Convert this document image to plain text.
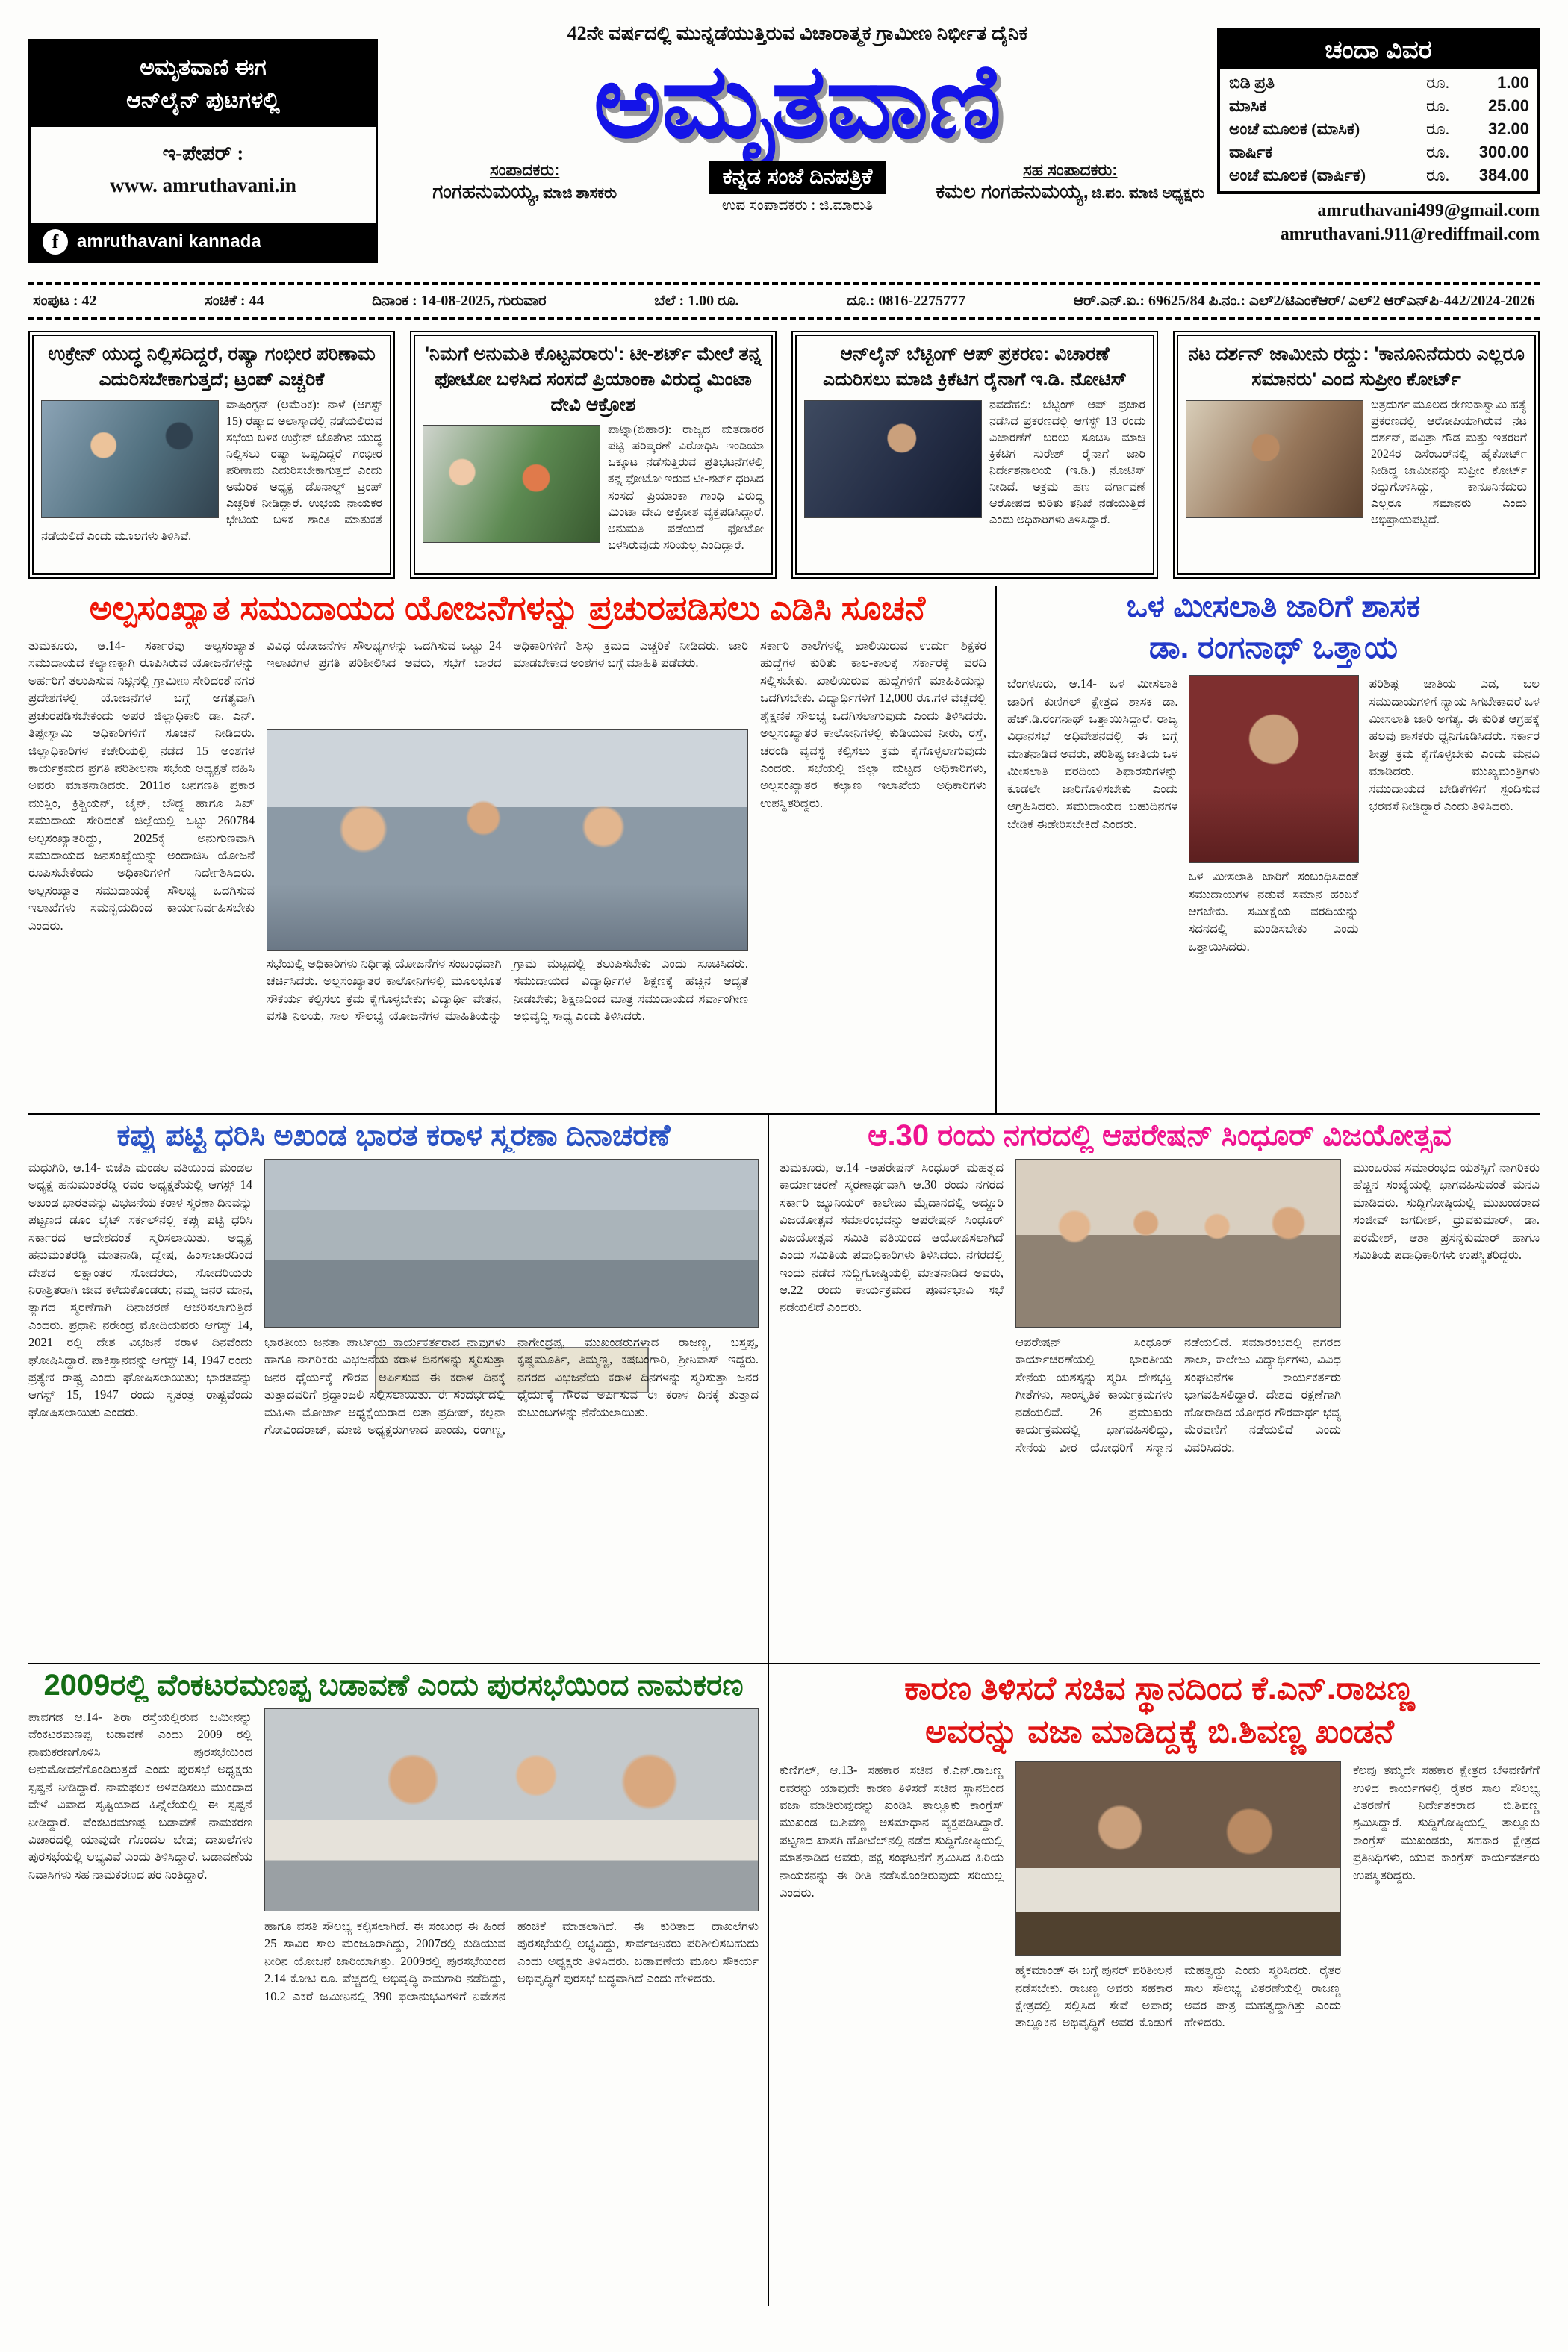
ಅಮೃತವಾಣಿ ಈಗ
ಆನ್‌ಲೈನ್ ಪುಟಗಳಲ್ಲಿ
ಇ-ಪೇಪರ್ :
www. amruthavani.in
f	amruthavani kannada
42ನೇ ವರ್ಷದಲ್ಲಿ ಮುನ್ನಡೆಯುತ್ತಿರುವ ವಿಚಾರಾತ್ಮಕ ಗ್ರಾಮೀಣ ನಿರ್ಭೀತ ದೈನಿಕ
ಅಮೃತವಾಣಿ
ಸಂಪಾದಕರು:
ಗಂಗಹನುಮಯ್ಯ, ಮಾಜಿ ಶಾಸಕರು
ಕನ್ನಡ ಸಂಜೆ ದಿನಪತ್ರಿಕೆ
ಉಪ ಸಂಪಾದಕರು : ಜಿ.ಮಾರುತಿ
ಸಹ ಸಂಪಾದಕರು:
ಕಮಲ ಗಂಗಹನುಮಯ್ಯ, ಜಿ.ಪಂ. ಮಾಜಿ ಅಧ್ಯಕ್ಷರು
ಚಂದಾ ವಿವರ
ಬಿಡಿ ಪ್ರತಿ	ರೂ.	1.00
ಮಾಸಿಕ	ರೂ.	25.00
ಅಂಚೆ ಮೂಲಕ (ಮಾಸಿಕ)	ರೂ.	32.00
ವಾರ್ಷಿಕ	ರೂ.	300.00
ಅಂಚೆ ಮೂಲಕ (ವಾರ್ಷಿಕ)	ರೂ.	384.00
amruthavani499@gmail.com
amruthavani.911@rediffmail.com
ಸಂಪುಟ : 42	ಸಂಚಿಕೆ : 44	ದಿನಾಂಕ : 14-08-2025, ಗುರುವಾರ	ಬೆಲೆ : 1.00 ರೂ.	ದೂ.: 0816-2275777	ಆರ್.ಎನ್.ಐ.: 69625/84 ಪಿ.ನಂ.: ಎಲ್2/ಟಿಎಂಕೆಆರ್/ ಎಲ್2 ಆರ್‌ಎನ್‌ಪಿ-442/2024-2026
ಉಕ್ರೇನ್ ಯುದ್ಧ ನಿಲ್ಲಿಸದಿದ್ದರೆ, ರಷ್ಯಾ ಗಂಭೀರ ಪರಿಣಾಮ ಎದುರಿಸಬೇಕಾಗುತ್ತದೆ; ಟ್ರಂಪ್ ಎಚ್ಚರಿಕೆ
ವಾಷಿಂಗ್ಟನ್ (ಅಮೆರಿಕ): ನಾಳೆ (ಆಗಸ್ಟ್ 15) ರಷ್ಯಾದ ಅಲಾಸ್ಕಾದಲ್ಲಿ ನಡೆಯಲಿರುವ ಸಭೆಯ ಬಳಿಕ ಉಕ್ರೇನ್ ಜೊತೆಗಿನ ಯುದ್ಧ ನಿಲ್ಲಿಸಲು ರಷ್ಯಾ ಒಪ್ಪದಿದ್ದರೆ ಗಂಭೀರ ಪರಿಣಾಮ ಎದುರಿಸಬೇಕಾಗುತ್ತದೆ ಎಂದು ಅಮೆರಿಕ ಅಧ್ಯಕ್ಷ ಡೊನಾಲ್ಡ್ ಟ್ರಂಪ್ ಎಚ್ಚರಿಕೆ ನೀಡಿದ್ದಾರೆ. ಉಭಯ ನಾಯಕರ ಭೇಟಿಯ ಬಳಿಕ ಶಾಂತಿ ಮಾತುಕತೆ ನಡೆಯಲಿದೆ ಎಂದು ಮೂಲಗಳು ತಿಳಿಸಿವೆ.
'ನಿಮಗೆ ಅನುಮತಿ ಕೊಟ್ಟವರಾರು': ಟೀ-ಶರ್ಟ್ ಮೇಲೆ ತನ್ನ ಫೋಟೋ ಬಳಸಿದ ಸಂಸದೆ ಪ್ರಿಯಾಂಕಾ ವಿರುದ್ಧ ಮಿಂಟಾ ದೇವಿ ಆಕ್ರೋಶ
ಪಾಟ್ನಾ(ಬಿಹಾರ): ರಾಜ್ಯದ ಮತದಾರರ ಪಟ್ಟಿ ಪರಿಷ್ಕರಣೆ ವಿರೋಧಿಸಿ ಇಂಡಿಯಾ ಒಕ್ಕೂಟ ನಡೆಸುತ್ತಿರುವ ಪ್ರತಿಭಟನೆಗಳಲ್ಲಿ ತನ್ನ ಫೋಟೋ ಇರುವ ಟೀ-ಶರ್ಟ್ ಧರಿಸಿದ ಸಂಸದೆ ಪ್ರಿಯಾಂಕಾ ಗಾಂಧಿ ವಿರುದ್ಧ ಮಿಂಟಾ ದೇವಿ ಆಕ್ರೋಶ ವ್ಯಕ್ತಪಡಿಸಿದ್ದಾರೆ. ಅನುಮತಿ ಪಡೆಯದೆ ಫೋಟೋ ಬಳಸಿರುವುದು ಸರಿಯಲ್ಲ ಎಂದಿದ್ದಾರೆ.
ಆನ್‌ಲೈನ್ ಬೆಟ್ಟಿಂಗ್ ಆಪ್ ಪ್ರಕರಣ: ವಿಚಾರಣೆ ಎದುರಿಸಲು ಮಾಜಿ ಕ್ರಿಕೆಟಿಗ ರೈನಾಗೆ ಇ.ಡಿ. ನೋಟಿಸ್
ನವದೆಹಲಿ: ಬೆಟ್ಟಿಂಗ್ ಆಪ್ ಪ್ರಚಾರ ನಡೆಸಿದ ಪ್ರಕರಣದಲ್ಲಿ ಆಗಸ್ಟ್ 13 ರಂದು ವಿಚಾರಣೆಗೆ ಬರಲು ಸೂಚಿಸಿ ಮಾಜಿ ಕ್ರಿಕೆಟಿಗ ಸುರೇಶ್ ರೈನಾಗೆ ಜಾರಿ ನಿರ್ದೇಶನಾಲಯ (ಇ.ಡಿ.) ನೋಟಿಸ್ ನೀಡಿದೆ. ಅಕ್ರಮ ಹಣ ವರ್ಗಾವಣೆ ಆರೋಪದ ಕುರಿತು ತನಿಖೆ ನಡೆಯುತ್ತಿದೆ ಎಂದು ಅಧಿಕಾರಿಗಳು ತಿಳಿಸಿದ್ದಾರೆ.
ನಟ ದರ್ಶನ್ ಜಾಮೀನು ರದ್ದು: 'ಕಾನೂನಿನೆದುರು ಎಲ್ಲರೂ ಸಮಾನರು' ಎಂದ ಸುಪ್ರೀಂ ಕೋರ್ಟ್
ಚಿತ್ರದುರ್ಗ ಮೂಲದ ರೇಣುಕಾಸ್ವಾಮಿ ಹತ್ಯೆ ಪ್ರಕರಣದಲ್ಲಿ ಆರೋಪಿಯಾಗಿರುವ ನಟ ದರ್ಶನ್, ಪವಿತ್ರಾ ಗೌಡ ಮತ್ತು ಇತರರಿಗೆ 2024ರ ಡಿಸೆಂಬರ್‌ನಲ್ಲಿ ಹೈಕೋರ್ಟ್ ನೀಡಿದ್ದ ಜಾಮೀನನ್ನು ಸುಪ್ರೀಂ ಕೋರ್ಟ್ ರದ್ದುಗೊಳಿಸಿದ್ದು, ಕಾನೂನಿನೆದುರು ಎಲ್ಲರೂ ಸಮಾನರು ಎಂದು ಅಭಿಪ್ರಾಯಪಟ್ಟಿದೆ.
ಅಲ್ಪಸಂಖ್ಯಾತ ಸಮುದಾಯದ ಯೋಜನೆಗಳನ್ನು ಪ್ರಚುರಪಡಿಸಲು ಎಡಿಸಿ ಸೂಚನೆ
ತುಮಕೂರು, ಆ.14- ಸರ್ಕಾರವು ಅಲ್ಪಸಂಖ್ಯಾತ ಸಮುದಾಯದ ಕಲ್ಯಾಣಕ್ಕಾಗಿ ರೂಪಿಸಿರುವ ಯೋಜನೆಗಳನ್ನು ಅರ್ಹರಿಗೆ ತಲುಪಿಸುವ ನಿಟ್ಟಿನಲ್ಲಿ ಗ್ರಾಮೀಣ ಸೇರಿದಂತೆ ನಗರ ಪ್ರದೇಶಗಳಲ್ಲಿ ಯೋಜನೆಗಳ ಬಗ್ಗೆ ಅಗತ್ಯವಾಗಿ ಪ್ರಚುರಪಡಿಸಬೇಕೆಂದು ಅಪರ ಜಿಲ್ಲಾಧಿಕಾರಿ ಡಾ. ಎನ್. ತಿಪ್ಪೇಸ್ವಾಮಿ ಅಧಿಕಾರಿಗಳಿಗೆ ಸೂಚನೆ ನೀಡಿದರು. ಜಿಲ್ಲಾಧಿಕಾರಿಗಳ ಕಚೇರಿಯಲ್ಲಿ ನಡೆದ 15 ಅಂಶಗಳ ಕಾರ್ಯಕ್ರಮದ ಪ್ರಗತಿ ಪರಿಶೀಲನಾ ಸಭೆಯ ಅಧ್ಯಕ್ಷತೆ ವಹಿಸಿ ಅವರು ಮಾತನಾಡಿದರು. 2011ರ ಜನಗಣತಿ ಪ್ರಕಾರ ಮುಸ್ಲಿಂ, ಕ್ರಿಶ್ಚಿಯನ್, ಜೈನ್, ಬೌದ್ಧ ಹಾಗೂ ಸಿಖ್ ಸಮುದಾಯ ಸೇರಿದಂತೆ ಜಿಲ್ಲೆಯಲ್ಲಿ ಒಟ್ಟು 260784 ಅಲ್ಪಸಂಖ್ಯಾತರಿದ್ದು, 2025ಕ್ಕೆ ಅನುಗುಣವಾಗಿ ಸಮುದಾಯದ ಜನಸಂಖ್ಯೆಯನ್ನು ಅಂದಾಜಿಸಿ ಯೋಜನೆ ರೂಪಿಸಬೇಕೆಂದು ಅಧಿಕಾರಿಗಳಿಗೆ ನಿರ್ದೇಶಿಸಿದರು. ಅಲ್ಪಸಂಖ್ಯಾತ ಸಮುದಾಯಕ್ಕೆ ಸೌಲಭ್ಯ ಒದಗಿಸುವ ಇಲಾಖೆಗಳು ಸಮನ್ವಯದಿಂದ ಕಾರ್ಯನಿರ್ವಹಿಸಬೇಕು ಎಂದರು.
ವಿವಿಧ ಯೋಜನೆಗಳ ಸೌಲಭ್ಯಗಳನ್ನು ಒದಗಿಸುವ ಒಟ್ಟು 24 ಇಲಾಖೆಗಳ ಪ್ರಗತಿ ಪರಿಶೀಲಿಸಿದ ಅವರು, ಸಭೆಗೆ ಬಾರದ ಅಧಿಕಾರಿಗಳಿಗೆ ಶಿಸ್ತು ಕ್ರಮದ ಎಚ್ಚರಿಕೆ ನೀಡಿದರು. ಜಾರಿ ಮಾಡಬೇಕಾದ ಅಂಶಗಳ ಬಗ್ಗೆ ಮಾಹಿತಿ ಪಡೆದರು.
ಸಭೆಯಲ್ಲಿ ಅಧಿಕಾರಿಗಳು ನಿರ್ಧಿಷ್ಟ ಯೋಜನೆಗಳ ಸಂಬಂಧವಾಗಿ ಚರ್ಚಿಸಿದರು. ಅಲ್ಪಸಂಖ್ಯಾತರ ಕಾಲೋನಿಗಳಲ್ಲಿ ಮೂಲಭೂತ ಸೌಕರ್ಯ ಕಲ್ಪಿಸಲು ಕ್ರಮ ಕೈಗೊಳ್ಳಬೇಕು; ವಿದ್ಯಾರ್ಥಿ ವೇತನ, ವಸತಿ ನಿಲಯ, ಸಾಲ ಸೌಲಭ್ಯ ಯೋಜನೆಗಳ ಮಾಹಿತಿಯನ್ನು ಗ್ರಾಮ ಮಟ್ಟದಲ್ಲಿ ತಲುಪಿಸಬೇಕು ಎಂದು ಸೂಚಿಸಿದರು. ಸಮುದಾಯದ ವಿದ್ಯಾರ್ಥಿಗಳ ಶಿಕ್ಷಣಕ್ಕೆ ಹೆಚ್ಚಿನ ಆದ್ಯತೆ ನೀಡಬೇಕು; ಶಿಕ್ಷಣದಿಂದ ಮಾತ್ರ ಸಮುದಾಯದ ಸರ್ವಾಂಗೀಣ ಅಭಿವೃದ್ಧಿ ಸಾಧ್ಯ ಎಂದು ತಿಳಿಸಿದರು.
ಸರ್ಕಾರಿ ಶಾಲೆಗಳಲ್ಲಿ ಖಾಲಿಯಿರುವ ಉರ್ದು ಶಿಕ್ಷಕರ ಹುದ್ದೆಗಳ ಕುರಿತು ಕಾಲ-ಕಾಲಕ್ಕೆ ಸರ್ಕಾರಕ್ಕೆ ವರದಿ ಸಲ್ಲಿಸಬೇಕು. ಖಾಲಿಯಿರುವ ಹುದ್ದೆಗಳಿಗೆ ಮಾಹಿತಿಯನ್ನು ಒದಗಿಸಬೇಕು. ವಿದ್ಯಾರ್ಥಿಗಳಿಗೆ 12,000 ರೂ.ಗಳ ವೆಚ್ಚದಲ್ಲಿ ಶೈಕ್ಷಣಿಕ ಸೌಲಭ್ಯ ಒದಗಿಸಲಾಗುವುದು ಎಂದು ತಿಳಿಸಿದರು. ಅಲ್ಪಸಂಖ್ಯಾತರ ಕಾಲೋನಿಗಳಲ್ಲಿ ಕುಡಿಯುವ ನೀರು, ರಸ್ತೆ, ಚರಂಡಿ ವ್ಯವಸ್ಥೆ ಕಲ್ಪಿಸಲು ಕ್ರಮ ಕೈಗೊಳ್ಳಲಾಗುವುದು ಎಂದರು. ಸಭೆಯಲ್ಲಿ ಜಿಲ್ಲಾ ಮಟ್ಟದ ಅಧಿಕಾರಿಗಳು, ಅಲ್ಪಸಂಖ್ಯಾತರ ಕಲ್ಯಾಣ ಇಲಾಖೆಯ ಅಧಿಕಾರಿಗಳು ಉಪಸ್ಥಿತರಿದ್ದರು.
ಒಳ ಮೀಸಲಾತಿ ಜಾರಿಗೆ ಶಾಸಕ
ಡಾ. ರಂಗನಾಥ್ ಒತ್ತಾಯ
ಬೆಂಗಳೂರು, ಆ.14- ಒಳ ಮೀಸಲಾತಿ ಜಾರಿಗೆ ಕುಣಿಗಲ್ ಕ್ಷೇತ್ರದ ಶಾಸಕ ಡಾ. ಹೆಚ್.ಡಿ.ರಂಗನಾಥ್ ಒತ್ತಾಯಿಸಿದ್ದಾರೆ. ರಾಜ್ಯ ವಿಧಾನಸಭೆ ಅಧಿವೇಶನದಲ್ಲಿ ಈ ಬಗ್ಗೆ ಮಾತನಾಡಿದ ಅವರು, ಪರಿಶಿಷ್ಟ ಜಾತಿಯ ಒಳ ಮೀಸಲಾತಿ ವರದಿಯ ಶಿಫಾರಸುಗಳನ್ನು ಕೂಡಲೇ ಜಾರಿಗೊಳಿಸಬೇಕು ಎಂದು ಆಗ್ರಹಿಸಿದರು. ಸಮುದಾಯದ ಬಹುದಿನಗಳ ಬೇಡಿಕೆ ಈಡೇರಿಸಬೇಕಿದೆ ಎಂದರು.
ಒಳ ಮೀಸಲಾತಿ ಜಾರಿಗೆ ಸಂಬಂಧಿಸಿದಂತೆ ಸಮುದಾಯಗಳ ನಡುವೆ ಸಮಾನ ಹಂಚಿಕೆ ಆಗಬೇಕು. ಸಮೀಕ್ಷೆಯ ವರದಿಯನ್ನು ಸದನದಲ್ಲಿ ಮಂಡಿಸಬೇಕು ಎಂದು ಒತ್ತಾಯಿಸಿದರು.
ಪರಿಶಿಷ್ಟ ಜಾತಿಯ ಎಡ, ಬಲ ಸಮುದಾಯಗಳಿಗೆ ನ್ಯಾಯ ಸಿಗಬೇಕಾದರೆ ಒಳ ಮೀಸಲಾತಿ ಜಾರಿ ಅಗತ್ಯ. ಈ ಕುರಿತ ಆಗ್ರಹಕ್ಕೆ ಹಲವು ಶಾಸಕರು ಧ್ವನಿಗೂಡಿಸಿದರು. ಸರ್ಕಾರ ಶೀಘ್ರ ಕ್ರಮ ಕೈಗೊಳ್ಳಬೇಕು ಎಂದು ಮನವಿ ಮಾಡಿದರು. ಮುಖ್ಯಮಂತ್ರಿಗಳು ಸಮುದಾಯದ ಬೇಡಿಕೆಗಳಿಗೆ ಸ್ಪಂದಿಸುವ ಭರವಸೆ ನೀಡಿದ್ದಾರೆ ಎಂದು ತಿಳಿಸಿದರು.
ಕಪ್ಪು ಪಟ್ಟಿ ಧರಿಸಿ ಅಖಂಡ ಭಾರತ ಕರಾಳ ಸ್ಮರಣಾ ದಿನಾಚರಣೆ
ಮಧುಗಿರಿ, ಆ.14- ಬಿಜೆಪಿ ಮಂಡಲ ವತಿಯಿಂದ ಮಂಡಲ ಅಧ್ಯಕ್ಷ ಹನುಮಂತರೆಡ್ಡಿ ರವರ ಅಧ್ಯಕ್ಷತೆಯಲ್ಲಿ ಆಗಸ್ಟ್ 14 ಅಖಂಡ ಭಾರತವನ್ನು ವಿಭಜನೆಯ ಕರಾಳ ಸ್ಮರಣಾ ದಿನವನ್ನು ಪಟ್ಟಣದ ಡೂಂ ಲೈಟ್ ಸರ್ಕಲ್‌ನಲ್ಲಿ ಕಪ್ಪು ಪಟ್ಟಿ ಧರಿಸಿ ಸರ್ಕಾರದ ಆದೇಶದಂತೆ ಸ್ಮರಿಸಲಾಯಿತು. ಅಧ್ಯಕ್ಷ ಹನುಮಂತರೆಡ್ಡಿ ಮಾತನಾಡಿ, ದ್ವೇಷ, ಹಿಂಸಾಚಾರದಿಂದ ದೇಶದ ಲಕ್ಷಾಂತರ ಸೋದರರು, ಸೋದರಿಯರು ನಿರಾಶ್ರಿತರಾಗಿ ಜೀವ ಕಳೆದುಕೊಂಡರು; ನಮ್ಮ ಜನರ ಮಾನ, ತ್ಯಾಗದ ಸ್ಮರಣೆಗಾಗಿ ದಿನಾಚರಣೆ ಆಚರಿಸಲಾಗುತ್ತಿದೆ ಎಂದರು. ಪ್ರಧಾನಿ ನರೇಂದ್ರ ಮೋದಿಯವರು ಆಗಸ್ಟ್ 14, 2021 ರಲ್ಲಿ ದೇಶ ವಿಭಜನೆ ಕರಾಳ ದಿನವೆಂದು ಘೋಷಿಸಿದ್ದಾರೆ. ಪಾಕಿಸ್ತಾನವನ್ನು ಆಗಸ್ಟ್ 14, 1947 ರಂದು ಪ್ರತ್ಯೇಕ ರಾಷ್ಟ್ರ ಎಂದು ಘೋಷಿಸಲಾಯಿತು; ಭಾರತವನ್ನು ಆಗಸ್ಟ್ 15, 1947 ರಂದು ಸ್ವತಂತ್ರ ರಾಷ್ಟ್ರವೆಂದು ಘೋಷಿಸಲಾಯಿತು ಎಂದರು.
ಭಾರತೀಯ ಜನತಾ ಪಾರ್ಟಿಯ ಕಾರ್ಯಕರ್ತರಾದ ನಾವುಗಳು ಹಾಗೂ ನಾಗರಿಕರು ವಿಭಜನೆಯ ಕರಾಳ ದಿನಗಳನ್ನು ಸ್ಮರಿಸುತ್ತಾ ಜನರ ಧೈರ್ಯಕ್ಕೆ ಗೌರವ ಅರ್ಪಿಸುವ ಈ ಕರಾಳ ದಿನಕ್ಕೆ ತುತ್ತಾದವರಿಗೆ ಶ್ರದ್ಧಾಂಜಲಿ ಸಲ್ಲಿಸಲಾಯಿತು. ಈ ಸಂದರ್ಭದಲ್ಲಿ ಮಹಿಳಾ ಮೋರ್ಚಾ ಅಧ್ಯಕ್ಷೆಯರಾದ ಲತಾ ಪ್ರದೀಪ್, ಕಲ್ಪನಾ ಗೋವಿಂದರಾಜ್, ಮಾಜಿ ಅಧ್ಯಕ್ಷರುಗಳಾದ ಪಾಂಡು, ರಂಗಣ್ಣ, ನಾಗೇಂದ್ರಪ್ಪ, ಮುಖಂಡರುಗಳಾದ ರಾಜಣ್ಣ, ಬಸ್ತಪ್ಪ, ಕೃಷ್ಣಮೂರ್ತಿ, ತಿಮ್ಮಣ್ಣ, ಕಷಬಂಗಾರಿ, ಶ್ರೀನಿವಾಸ್ ಇದ್ದರು. ನಗರದ ವಿಭಜನೆಯ ಕರಾಳ ದಿನಗಳನ್ನು ಸ್ಮರಿಸುತ್ತಾ ಜನರ ಧೈರ್ಯಕ್ಕೆ ಗೌರವ ಅರ್ಪಿಸುವ ಈ ಕರಾಳ ದಿನಕ್ಕೆ ತುತ್ತಾದ ಕುಟುಂಬಗಳನ್ನು ನೆನೆಯಲಾಯಿತು.
ಆ.30 ರಂದು ನಗರದಲ್ಲಿ ಆಪರೇಷನ್ ಸಿಂಧೂರ್ ವಿಜಯೋತ್ಸವ
ತುಮಕೂರು, ಆ.14 -ಆಪರೇಷನ್ ಸಿಂಧೂರ್ ಮಹತ್ವದ ಕಾರ್ಯಾಚರಣೆ ಸ್ಮರಣಾರ್ಥವಾಗಿ ಆ.30 ರಂದು ನಗರದ ಸರ್ಕಾರಿ ಜ್ಯೂನಿಯರ್ ಕಾಲೇಜು ಮೈದಾನದಲ್ಲಿ ಅದ್ದೂರಿ ವಿಜಯೋತ್ಸವ ಸಮಾರಂಭವನ್ನು ಆಪರೇಷನ್ ಸಿಂಧೂರ್ ವಿಜಯೋತ್ಸವ ಸಮಿತಿ ವತಿಯಿಂದ ಆಯೋಜಿಸಲಾಗಿದೆ ಎಂದು ಸಮಿತಿಯ ಪದಾಧಿಕಾರಿಗಳು ತಿಳಿಸಿದರು. ನಗರದಲ್ಲಿ ಇಂದು ನಡೆದ ಸುದ್ದಿಗೋಷ್ಠಿಯಲ್ಲಿ ಮಾತನಾಡಿದ ಅವರು, ಆ.22 ರಂದು ಕಾರ್ಯಕ್ರಮದ ಪೂರ್ವಭಾವಿ ಸಭೆ ನಡೆಯಲಿದೆ ಎಂದರು.
ಆಪರೇಷನ್ ಸಿಂಧೂರ್ ಕಾರ್ಯಾಚರಣೆಯಲ್ಲಿ ಭಾರತೀಯ ಸೇನೆಯ ಯಶಸ್ಸನ್ನು ಸ್ಮರಿಸಿ ದೇಶಭಕ್ತಿ ಗೀತೆಗಳು, ಸಾಂಸ್ಕೃತಿಕ ಕಾರ್ಯಕ್ರಮಗಳು ನಡೆಯಲಿವೆ. 26 ಪ್ರಮುಖರು ಕಾರ್ಯಕ್ರಮದಲ್ಲಿ ಭಾಗವಹಿಸಲಿದ್ದು, ಸೇನೆಯ ವೀರ ಯೋಧರಿಗೆ ಸನ್ಮಾನ ನಡೆಯಲಿದೆ. ಸಮಾರಂಭದಲ್ಲಿ ನಗರದ ಶಾಲಾ, ಕಾಲೇಜು ವಿದ್ಯಾರ್ಥಿಗಳು, ವಿವಿಧ ಸಂಘಟನೆಗಳ ಕಾರ್ಯಕರ್ತರು ಭಾಗವಹಿಸಲಿದ್ದಾರೆ. ದೇಶದ ರಕ್ಷಣೆಗಾಗಿ ಹೋರಾಡಿದ ಯೋಧರ ಗೌರವಾರ್ಥ ಭವ್ಯ ಮೆರವಣಿಗೆ ನಡೆಯಲಿದೆ ಎಂದು ವಿವರಿಸಿದರು.
ಮುಂಬರುವ ಸಮಾರಂಭದ ಯಶಸ್ಸಿಗೆ ನಾಗರಿಕರು ಹೆಚ್ಚಿನ ಸಂಖ್ಯೆಯಲ್ಲಿ ಭಾಗವಹಿಸುವಂತೆ ಮನವಿ ಮಾಡಿದರು. ಸುದ್ದಿಗೋಷ್ಠಿಯಲ್ಲಿ ಮುಖಂಡರಾದ ಸಂಜೀವ್ ಜಗದೀಶ್, ಧ್ರುವಕುಮಾರ್, ಡಾ. ಪರಮೇಶ್, ಆಶಾ ಪ್ರಸನ್ನಕುಮಾರ್ ಹಾಗೂ ಸಮಿತಿಯ ಪದಾಧಿಕಾರಿಗಳು ಉಪಸ್ಥಿತರಿದ್ದರು.
2009ರಲ್ಲಿ ವೆಂಕಟರಮಣಪ್ಪ ಬಡಾವಣೆ ಎಂದು ಪುರಸಭೆಯಿಂದ ನಾಮಕರಣ
ಪಾವಗಡ ಆ.14- ಶಿರಾ ರಸ್ತೆಯಲ್ಲಿರುವ ಜಮೀನನ್ನು ವೆಂಕಟರಮಣಪ್ಪ ಬಡಾವಣೆ ಎಂದು 2009 ರಲ್ಲಿ ನಾಮಕರಣಗೊಳಿಸಿ ಪುರಸಭೆಯಿಂದ ಅನುಮೋದನೆಗೊಂಡಿರುತ್ತದೆ ಎಂದು ಪುರಸಭೆ ಅಧ್ಯಕ್ಷರು ಸ್ಪಷ್ಟನೆ ನೀಡಿದ್ದಾರೆ. ನಾಮಫಲಕ ಅಳವಡಿಸಲು ಮುಂದಾದ ವೇಳೆ ವಿವಾದ ಸೃಷ್ಟಿಯಾದ ಹಿನ್ನೆಲೆಯಲ್ಲಿ ಈ ಸ್ಪಷ್ಟನೆ ನೀಡಿದ್ದಾರೆ. ವೆಂಕಟರಮಣಪ್ಪ ಬಡಾವಣೆ ನಾಮಕರಣ ವಿಚಾರದಲ್ಲಿ ಯಾವುದೇ ಗೊಂದಲ ಬೇಡ; ದಾಖಲೆಗಳು ಪುರಸಭೆಯಲ್ಲಿ ಲಭ್ಯವಿವೆ ಎಂದು ತಿಳಿಸಿದ್ದಾರೆ. ಬಡಾವಣೆಯ ನಿವಾಸಿಗಳು ಸಹ ನಾಮಕರಣದ ಪರ ನಿಂತಿದ್ದಾರೆ.
ಹಾಗೂ ವಸತಿ ಸೌಲಭ್ಯ ಕಲ್ಪಿಸಲಾಗಿದೆ. ಈ ಸಂಬಂಧ ಈ ಹಿಂದೆ 25 ಸಾವಿರ ಸಾಲ ಮಂಜೂರಾಗಿದ್ದು, 2007ರಲ್ಲಿ ಕುಡಿಯುವ ನೀರಿನ ಯೋಜನೆ ಜಾರಿಯಾಗಿತ್ತು. 2009ರಲ್ಲಿ ಪುರಸಭೆಯಿಂದ 2.14 ಕೋಟಿ ರೂ. ವೆಚ್ಚದಲ್ಲಿ ಅಭಿವೃದ್ಧಿ ಕಾಮಗಾರಿ ನಡೆದಿದ್ದು, 10.2 ಎಕರೆ ಜಮೀನಿನಲ್ಲಿ 390 ಫಲಾನುಭವಿಗಳಿಗೆ ನಿವೇಶನ ಹಂಚಿಕೆ ಮಾಡಲಾಗಿದೆ. ಈ ಕುರಿತಾದ ದಾಖಲೆಗಳು ಪುರಸಭೆಯಲ್ಲಿ ಲಭ್ಯವಿದ್ದು, ಸಾರ್ವಜನಿಕರು ಪರಿಶೀಲಿಸಬಹುದು ಎಂದು ಅಧ್ಯಕ್ಷರು ತಿಳಿಸಿದರು. ಬಡಾವಣೆಯ ಮೂಲ ಸೌಕರ್ಯ ಅಭಿವೃದ್ಧಿಗೆ ಪುರಸಭೆ ಬದ್ಧವಾಗಿದೆ ಎಂದು ಹೇಳಿದರು.
ಕಾರಣ ತಿಳಿಸದೆ ಸಚಿವ ಸ್ಥಾನದಿಂದ ಕೆ.ಎನ್.ರಾಜಣ್ಣ
ಅವರನ್ನು ವಜಾ ಮಾಡಿದ್ದಕ್ಕೆ ಬಿ.ಶಿವಣ್ಣ ಖಂಡನೆ
ಕುಣಿಗಲ್, ಆ.13- ಸಹಕಾರ ಸಚಿವ ಕೆ.ಎನ್.ರಾಜಣ್ಣ ರವರನ್ನು ಯಾವುದೇ ಕಾರಣ ತಿಳಿಸದೆ ಸಚಿವ ಸ್ಥಾನದಿಂದ ವಜಾ ಮಾಡಿರುವುದನ್ನು ಖಂಡಿಸಿ ತಾಲ್ಲೂಕು ಕಾಂಗ್ರೆಸ್ ಮುಖಂಡ ಬಿ.ಶಿವಣ್ಣ ಅಸಮಾಧಾನ ವ್ಯಕ್ತಪಡಿಸಿದ್ದಾರೆ. ಪಟ್ಟಣದ ಖಾಸಗಿ ಹೋಟೆಲ್‌ನಲ್ಲಿ ನಡೆದ ಸುದ್ದಿಗೋಷ್ಠಿಯಲ್ಲಿ ಮಾತನಾಡಿದ ಅವರು, ಪಕ್ಷ ಸಂಘಟನೆಗೆ ಶ್ರಮಿಸಿದ ಹಿರಿಯ ನಾಯಕನನ್ನು ಈ ರೀತಿ ನಡೆಸಿಕೊಂಡಿರುವುದು ಸರಿಯಲ್ಲ ಎಂದರು.
ಹೈಕಮಾಂಡ್ ಈ ಬಗ್ಗೆ ಪುನರ್ ಪರಿಶೀಲನೆ ನಡೆಸಬೇಕು. ರಾಜಣ್ಣ ಅವರು ಸಹಕಾರ ಕ್ಷೇತ್ರದಲ್ಲಿ ಸಲ್ಲಿಸಿದ ಸೇವೆ ಅಪಾರ; ತಾಲ್ಲೂಕಿನ ಅಭಿವೃದ್ಧಿಗೆ ಅವರ ಕೊಡುಗೆ ಮಹತ್ವದ್ದು ಎಂದು ಸ್ಮರಿಸಿದರು. ರೈತರ ಸಾಲ ಸೌಲಭ್ಯ ವಿತರಣೆಯಲ್ಲಿ ರಾಜಣ್ಣ ಅವರ ಪಾತ್ರ ಮಹತ್ವದ್ದಾಗಿತ್ತು ಎಂದು ಹೇಳಿದರು.
ಕೆಲವು ತಮ್ಮದೇ ಸಹಕಾರ ಕ್ಷೇತ್ರದ ಬೆಳವಣಿಗೆಗೆ ಉಳಿದ ಕಾರ್ಯಗಳಲ್ಲಿ ರೈತರ ಸಾಲ ಸೌಲಭ್ಯ ವಿತರಣೆಗೆ ನಿರ್ದೇಶಕರಾದ ಬಿ.ಶಿವಣ್ಣ ಶ್ರಮಿಸಿದ್ದಾರೆ. ಸುದ್ದಿಗೋಷ್ಠಿಯಲ್ಲಿ ತಾಲ್ಲೂಕು ಕಾಂಗ್ರೆಸ್ ಮುಖಂಡರು, ಸಹಕಾರ ಕ್ಷೇತ್ರದ ಪ್ರತಿನಿಧಿಗಳು, ಯುವ ಕಾಂಗ್ರೆಸ್ ಕಾರ್ಯಕರ್ತರು ಉಪಸ್ಥಿತರಿದ್ದರು.
